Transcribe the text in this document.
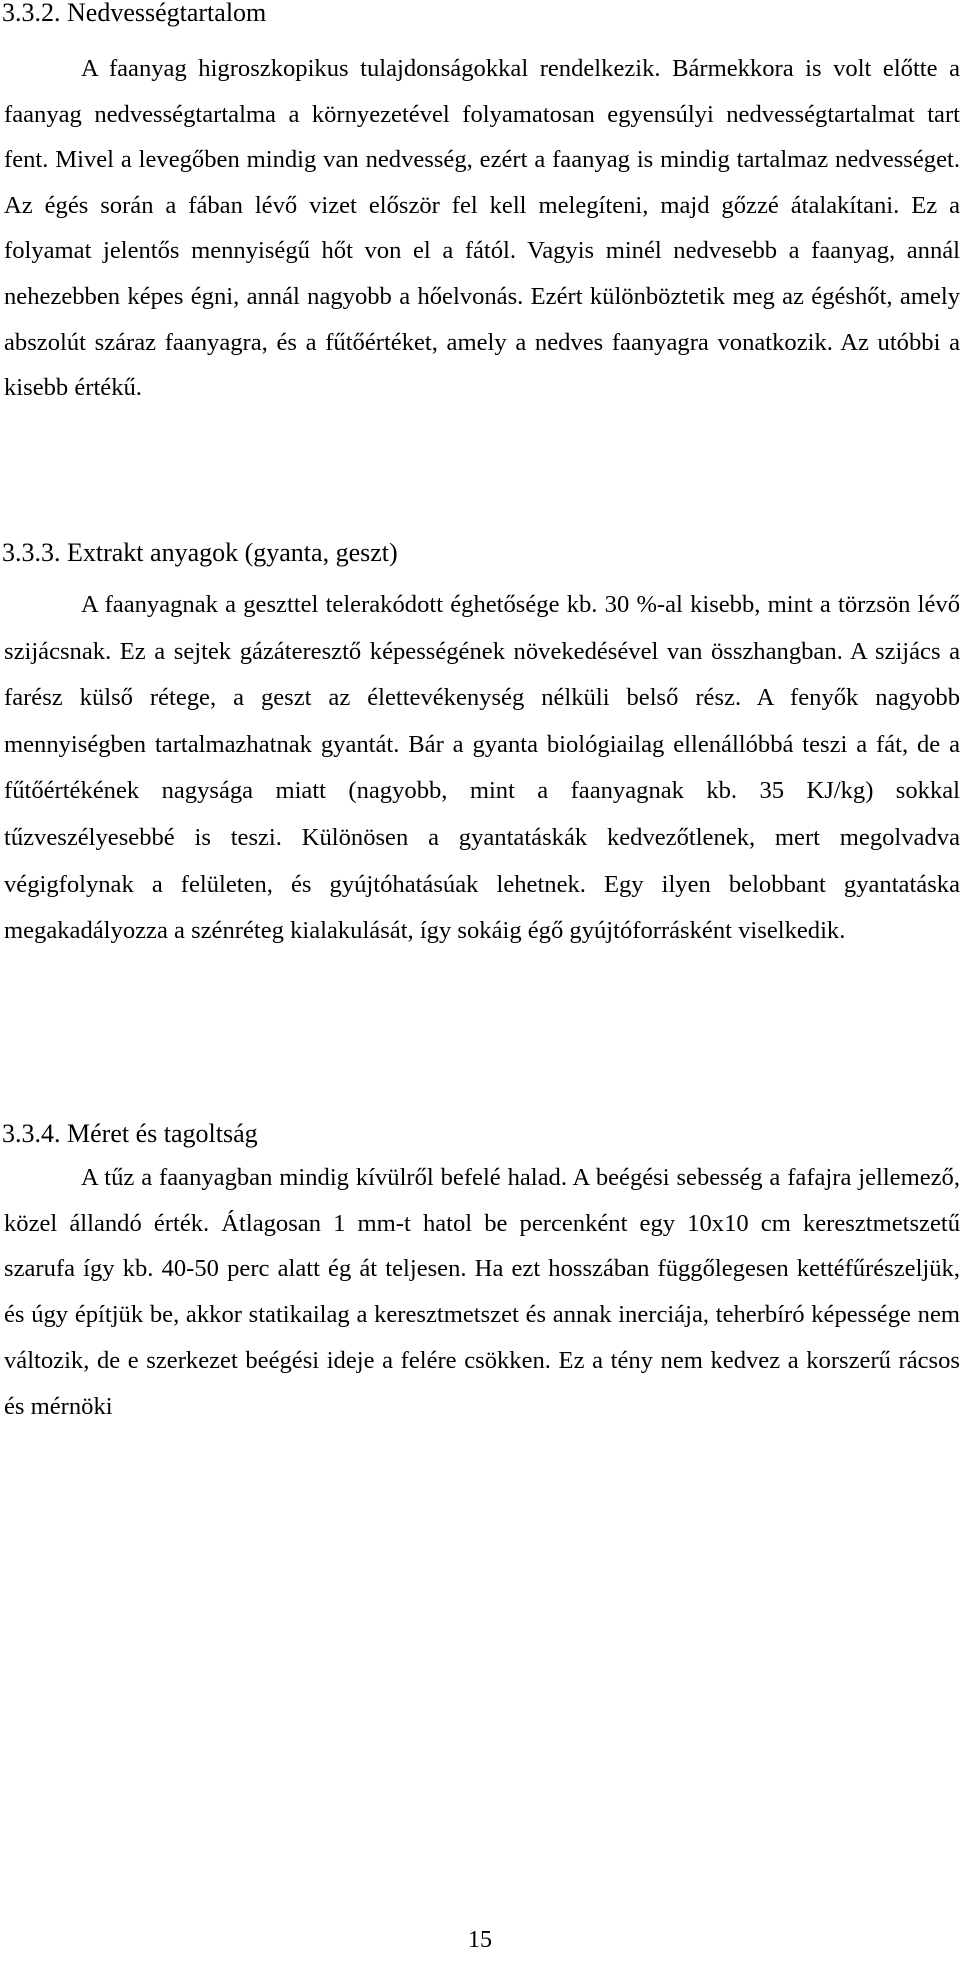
3.3.2. Nedvességtartalom
A faanyag higroszkopikus tulajdonságokkal rendelkezik. Bármekkora is volt előtte a faanyag nedvességtartalma a környezetével folyamatosan egyensúlyi nedvességtartalmat tart fent. Mivel a levegőben mindig van nedvesség, ezért a faanyag is mindig tartalmaz nedvességet. Az égés során a fában lévő vizet először fel kell melegíteni, majd gőzzé átalakítani. Ez a folyamat jelentős mennyiségű hőt von el a fától. Vagyis minél nedvesebb a faanyag, annál nehezebben képes égni, annál nagyobb a hőelvonás. Ezért különböztetik meg az égéshőt, amely abszolút száraz faanyagra, és a fűtőértéket, amely a nedves faanyagra vonatkozik. Az utóbbi a kisebb értékű.
3.3.3. Extrakt anyagok (gyanta, geszt)
A faanyagnak a geszttel telerakódott éghetősége kb. 30 %-al kisebb, mint a törzsön lévő szijácsnak. Ez a sejtek gázáteresztő képességének növekedésével van összhangban. A szijács a farész külső rétege, a geszt az élettevékenység nélküli belső rész. A fenyők nagyobb mennyiségben tartalmazhatnak gyantát. Bár a gyanta biológiailag ellenállóbbá teszi a fát, de a fűtőértékének nagysága miatt (nagyobb, mint a faanyagnak kb. 35 KJ/kg) sokkal tűzveszélyesebbé is teszi. Különösen a gyantatáskák kedvezőtlenek, mert megolvadva végigfolynak a felületen, és gyújtóhatásúak lehetnek. Egy ilyen belobbant gyantatáska megakadályozza a szénréteg kialakulását, így sokáig égő gyújtóforrásként viselkedik.
3.3.4. Méret és tagoltság
A tűz a faanyagban mindig kívülről befelé halad. A beégési sebesség a fafajra jellemező, közel állandó érték. Átlagosan 1 mm-t hatol be percenként egy 10x10 cm keresztmetszetű szarufa így kb. 40-50 perc alatt ég át teljesen. Ha ezt hosszában függőlegesen kettéfűrészeljük, és úgy építjük be, akkor statikailag a keresztmetszet és annak inerciája, teherbíró képessége nem változik, de e szerkezet beégési ideje a felére csökken. Ez a tény nem kedvez a korszerű rácsos és mérnöki
15
